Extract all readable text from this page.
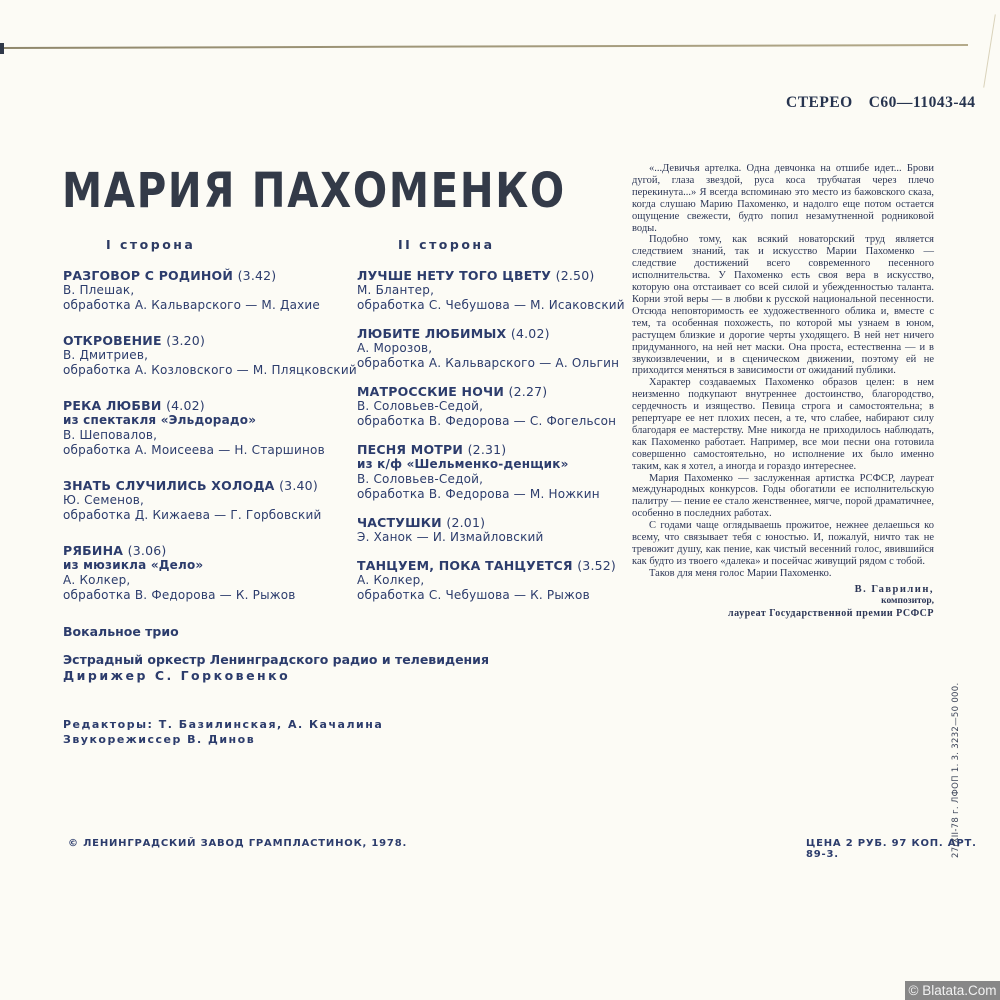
СТЕРЕО С60—11043-44
МАРИЯ ПАХОМЕНКО
I сторона	II сторона
РАЗГОВОР С РОДИНОЙ (3.42)
В. Плешак,
обработка А. Кальварского — М. Дахие
ОТКРОВЕНИЕ (3.20)
В. Дмитриев,
обработка А. Козловского — М. Пляцковский
РЕКА ЛЮБВИ (4.02)
из спектакля «Эльдорадо»
В. Шеповалов,
обработка А. Моисеева — Н. Старшинов
ЗНАТЬ СЛУЧИЛИСЬ ХОЛОДА (3.40)
Ю. Семенов,
обработка Д. Кижаева — Г. Горбовский
РЯБИНА (3.06)
из мюзикла «Дело»
А. Колкер,
обработка В. Федорова — К. Рыжов
ЛУЧШЕ НЕТУ ТОГО ЦВЕТУ (2.50)
М. Блантер,
обработка С. Чебушова — М. Исаковский
ЛЮБИТЕ ЛЮБИМЫХ (4.02)
А. Морозов,
обработка А. Кальварского — А. Ольгин
МАТРОССКИЕ НОЧИ (2.27)
В. Соловьев-Седой,
обработка В. Федорова — С. Фогельсон
ПЕСНЯ МОТРИ (2.31)
из к/ф «Шельменко-денщик»
В. Соловьев-Седой,
обработка В. Федорова — М. Ножкин
ЧАСТУШКИ (2.01)
Э. Ханок — И. Измайловский
ТАНЦУЕМ, ПОКА ТАНЦУЕТСЯ (3.52)
А. Колкер,
обработка С. Чебушова — К. Рыжов
Вокальное трио
Эстрадный оркестр Ленинградского радио и телевидения
Дирижер С. Горковенко
Редакторы: Т. Базилинская, А. Качалина
Звукорежиссер В. Динов

«...Девичья артелка. Одна девчонка на отшибе идет... Брови дугой, глаза звездой, руса коса трубчатая через плечо перекинута...» Я всегда вспоминаю это место из бажовского сказа, когда слушаю Марию Пахоменко, и надолго еще потом остается ощущение свежести, будто попил незамутненной родниковой воды.

Подобно тому, как всякий новаторский труд является следствием знаний, так и искусство Марии Пахоменко — следствие достижений всего современного песенного исполнительства. У Пахоменко есть своя вера в искусство, которую она отстаивает со всей силой и убежденностью таланта. Корни этой веры — в любви к русской национальной песенности. Отсюда неповторимость ее художественного облика и, вместе с тем, та особенная похожесть, по которой мы узнаем в юном, растущем близкие и дорогие черты уходящего. В ней нет ничего придуманного, на ней нет маски. Она проста, естественна — и в звукоизвлечении, и в сценическом движении, поэтому ей не приходится меняться в зависимости от ожиданий публики.

Характер создаваемых Пахоменко образов целен: в нем неизменно подкупают внутреннее достоинство, благородство, сердечность и изящество. Певица строга и самостоятельна; в репертуаре ее нет плохих песен, а те, что слабее, набирают силу благодаря ее мастерству. Мне никогда не приходилось наблюдать, как Пахоменко работает. Например, все мои песни она готовила совершенно самостоятельно, но исполнение их было именно таким, как я хотел, а иногда и гораздо интереснее.

Мария Пахоменко — заслуженная артистка РСФСР, лауреат международных конкурсов. Годы обогатили ее исполнительскую палитру — пение ее стало женственнее, мягче, порой драматичнее, особенно в последних работах.

С годами чаще оглядываешь прожитое, нежнее делаешься ко всему, что связывает тебя с юностью. И, пожалуй, ничто так не тревожит душу, как пение, как чистый весенний голос, явившийся как будто из твоего «далека» и посейчас живущий рядом с тобой.

Таков для меня голос Марии Пахоменко.

В. Гаврилин,
композитор,
лауреат Государственной премии РСФСР
© ЛЕНИНГРАДСКИЙ ЗАВОД ГРАМПЛАСТИНОК, 1978.	ЦЕНА 2 РУБ. 97 КОП. АРТ. 89-3.	27/XII-78 г. ЛФОП 1. 3. 3232—50 000.
© Blatata.Com
